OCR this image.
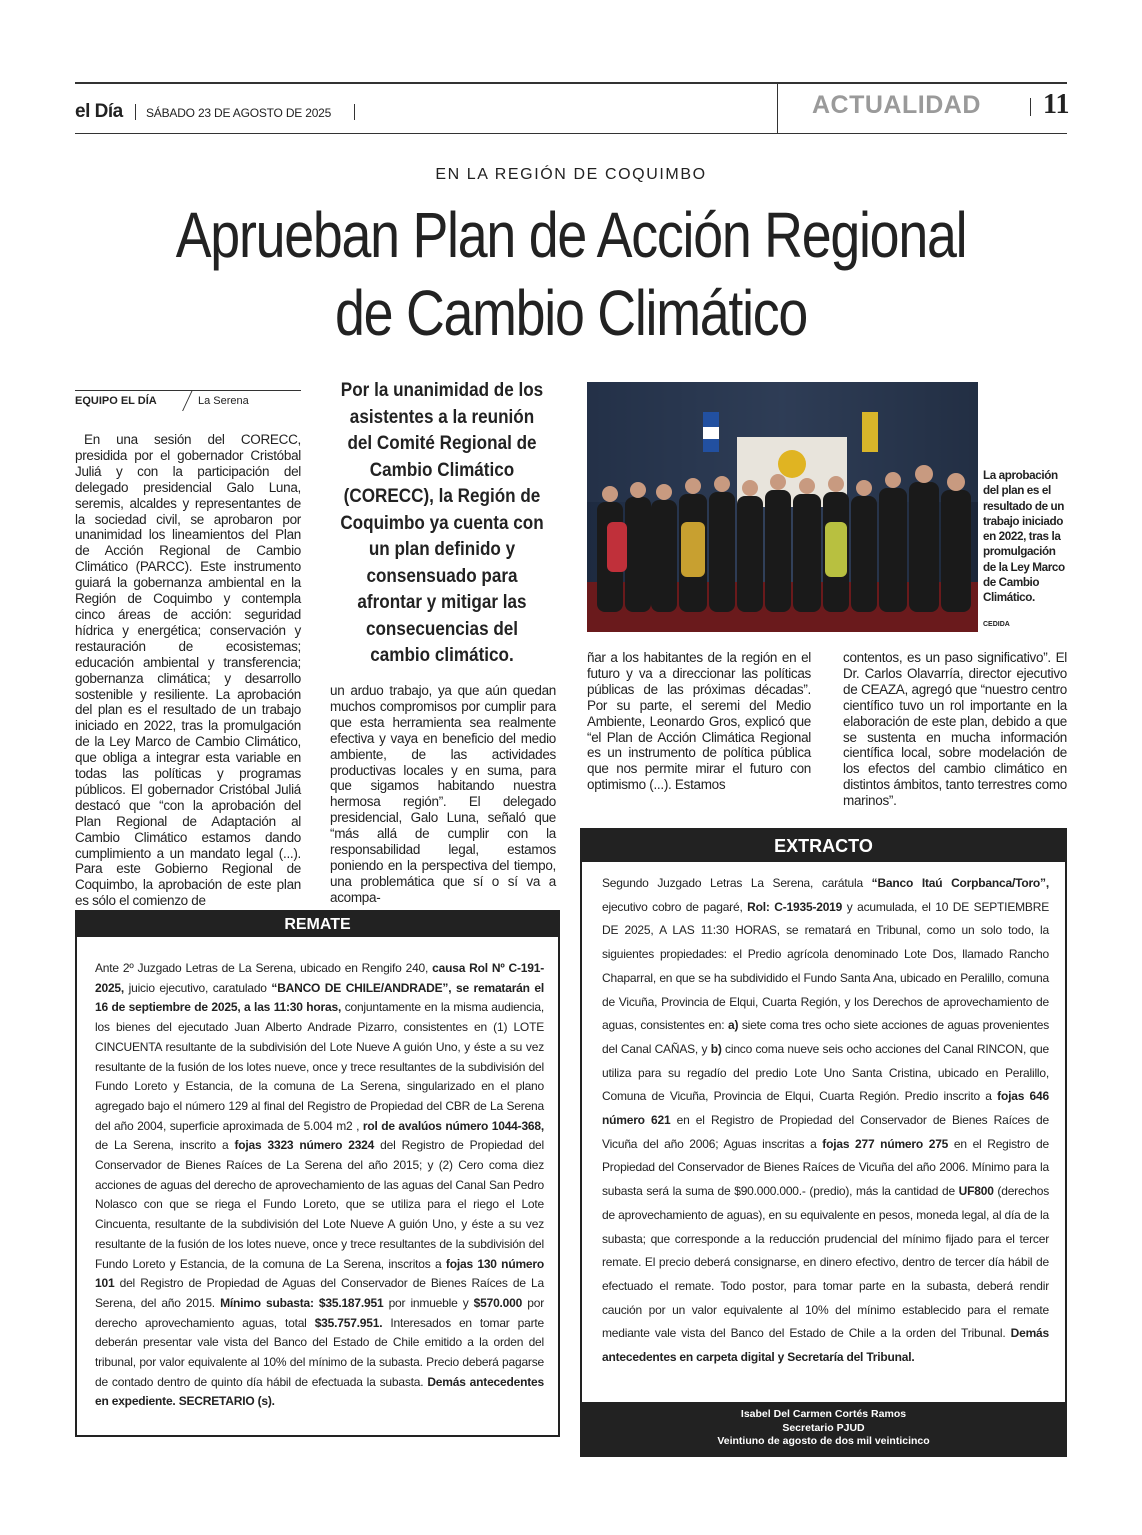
el Día SÁBADO 23 DE AGOSTO DE 2025	ACTUALIDAD 11
EN LA REGIÓN DE COQUIMBO
Aprueban Plan de Acción Regional
de Cambio Climático
EQUIPO EL DÍA	La Serena
En una sesión del CORECC, presidida por el gobernador Cristóbal Juliá y con la participación del delegado presidencial Galo Luna, seremis, alcaldes y representantes de la sociedad civil, se aprobaron por unanimidad los lineamientos del Plan de Acción Regional de Cambio Climático (PARCC). Este instrumento guiará la gobernanza ambiental en la Región de Coquimbo y contempla cinco áreas de acción: seguridad hídrica y energética; conservación y restauración de ecosistemas; educación ambiental y transferencia; gobernanza climática; y desarrollo sostenible y resiliente. La aprobación del plan es el resultado de un trabajo iniciado en 2022, tras la promulgación de la Ley Marco de Cambio Climático, que obliga a integrar esta variable en todas las políticas y programas públicos. El gobernador Cristóbal Juliá destacó que “con la aprobación del Plan Regional de Adaptación al Cambio Climático estamos dando cumplimiento a un mandato legal (...). Para este Gobierno Regional de Coquimbo, la aprobación de este plan es sólo el comienzo de
Por la unanimidad de los asistentes a la reunión del Comité Regional de Cambio Climático (CORECC), la Región de Coquimbo ya cuenta con un plan definido y consensuado para afrontar y mitigar las consecuencias del cambio climático.
un arduo trabajo, ya que aún quedan muchos compromisos por cumplir para que esta herramienta sea realmente efectiva y vaya en beneficio del medio ambiente, de las actividades productivas locales y en suma, para que sigamos habitando nuestra hermosa región”. El delegado presidencial, Galo Luna, señaló que “más allá de cumplir con la responsabilidad legal, estamos poniendo en la perspectiva del tiempo, una problemática que sí o sí va a acompa-
ñar a los habitantes de la región en el futuro y va a direccionar las políticas públicas de las próximas décadas”. Por su parte, el seremi del Medio Ambiente, Leonardo Gros, explicó que “el Plan de Acción Climática Regional es un instrumento de política pública que nos permite mirar el futuro con optimismo (...). Estamos
contentos, es un paso significativo”. El Dr. Carlos Olavarría, director ejecutivo de CEAZA, agregó que “nuestro centro científico tuvo un rol importante en la elaboración de este plan, debido a que se sustenta en mucha información científica local, sobre modelación de los efectos del cambio climático en distintos ámbitos, tanto terrestres como marinos”.
La aprobación del plan es el resultado de un trabajo iniciado en 2022, tras la promulgación de la Ley Marco de Cambio Climático.
CEDIDA
REMATE
Ante 2º Juzgado Letras de La Serena, ubicado en Rengifo 240, causa Rol Nº C-191-2025, juicio ejecutivo, caratulado “BANCO DE CHILE/ANDRADE”, se rematarán el 16 de septiembre de 2025, a las 11:30 horas, conjuntamente en la misma audiencia, los bienes del ejecutado Juan Alberto Andrade Pizarro, consistentes en (1) LOTE CINCUENTA resultante de la subdivisión del Lote Nueve A guión Uno, y éste a su vez resultante de la fusión de los lotes nueve, once y trece resultantes de la subdivisión del Fundo Loreto y Estancia, de la comuna de La Serena, singularizado en el plano agregado bajo el número 129 al final del Registro de Propiedad del CBR de La Serena del año 2004, superficie aproximada de 5.004 m2 , rol de avalúos número 1044-368, de La Serena, inscrito a fojas 3323 número 2324 del Registro de Propiedad del Conservador de Bienes Raíces de La Serena del año 2015; y (2) Cero coma diez acciones de aguas del derecho de aprovechamiento de las aguas del Canal San Pedro Nolasco con que se riega el Fundo Loreto, que se utiliza para el riego el Lote Cincuenta, resultante de la subdivisión del Lote Nueve A guión Uno, y éste a su vez resultante de la fusión de los lotes nueve, once y trece resultantes de la subdivisión del Fundo Loreto y Estancia, de la comuna de La Serena, inscritos a fojas 130 número 101 del Registro de Propiedad de Aguas del Conservador de Bienes Raíces de La Serena, del año 2015. Mínimo subasta: $35.187.951 por inmueble y $570.000 por derecho aprovechamiento aguas, total $35.757.951. Interesados en tomar parte deberán presentar vale vista del Banco del Estado de Chile emitido a la orden del tribunal, por valor equivalente al 10% del mínimo de la subasta. Precio deberá pagarse de contado dentro de quinto día hábil de efectuada la subasta. Demás antecedentes en expediente. SECRETARIO (s).
EXTRACTO
Segundo Juzgado Letras La Serena, carátula “Banco Itaú Corpbanca/Toro”, ejecutivo cobro de pagaré, Rol: C-1935-2019 y acumulada, el 10 DE SEPTIEMBRE DE 2025, A LAS 11:30 HORAS, se rematará en Tribunal, como un solo todo, la siguientes propiedades: el Predio agrícola denominado Lote Dos, llamado Rancho Chaparral, en que se ha subdividido el Fundo Santa Ana, ubicado en Peralillo, comuna de Vicuña, Provincia de Elqui, Cuarta Región, y los Derechos de aprovechamiento de aguas, consistentes en: a) siete coma tres ocho siete acciones de aguas provenientes del Canal CAÑAS, y b) cinco coma nueve seis ocho acciones del Canal RINCON, que utiliza para su regadío del predio Lote Uno Santa Cristina, ubicado en Peralillo, Comuna de Vicuña, Provincia de Elqui, Cuarta Región. Predio inscrito a fojas 646 número 621 en el Registro de Propiedad del Conservador de Bienes Raíces de Vicuña del año 2006; Aguas inscritas a fojas 277 número 275 en el Registro de Propiedad del Conservador de Bienes Raíces de Vicuña del año 2006. Mínimo para la subasta será la suma de $90.000.000.- (predio), más la cantidad de UF800 (derechos de aprovechamiento de aguas), en su equivalente en pesos, moneda legal, al día de la subasta; que corresponde a la reducción prudencial del mínimo fijado para el tercer remate. El precio deberá consignarse, en dinero efectivo, dentro de tercer día hábil de efectuado el remate. Todo postor, para tomar parte en la subasta, deberá rendir caución por un valor equivalente al 10% del mínimo establecido para el remate mediante vale vista del Banco del Estado de Chile a la orden del Tribunal. Demás antecedentes en carpeta digital y Secretaría del Tribunal.
Isabel Del Carmen Cortés Ramos
Secretario PJUD
Veintiuno de agosto de dos mil veinticinco
